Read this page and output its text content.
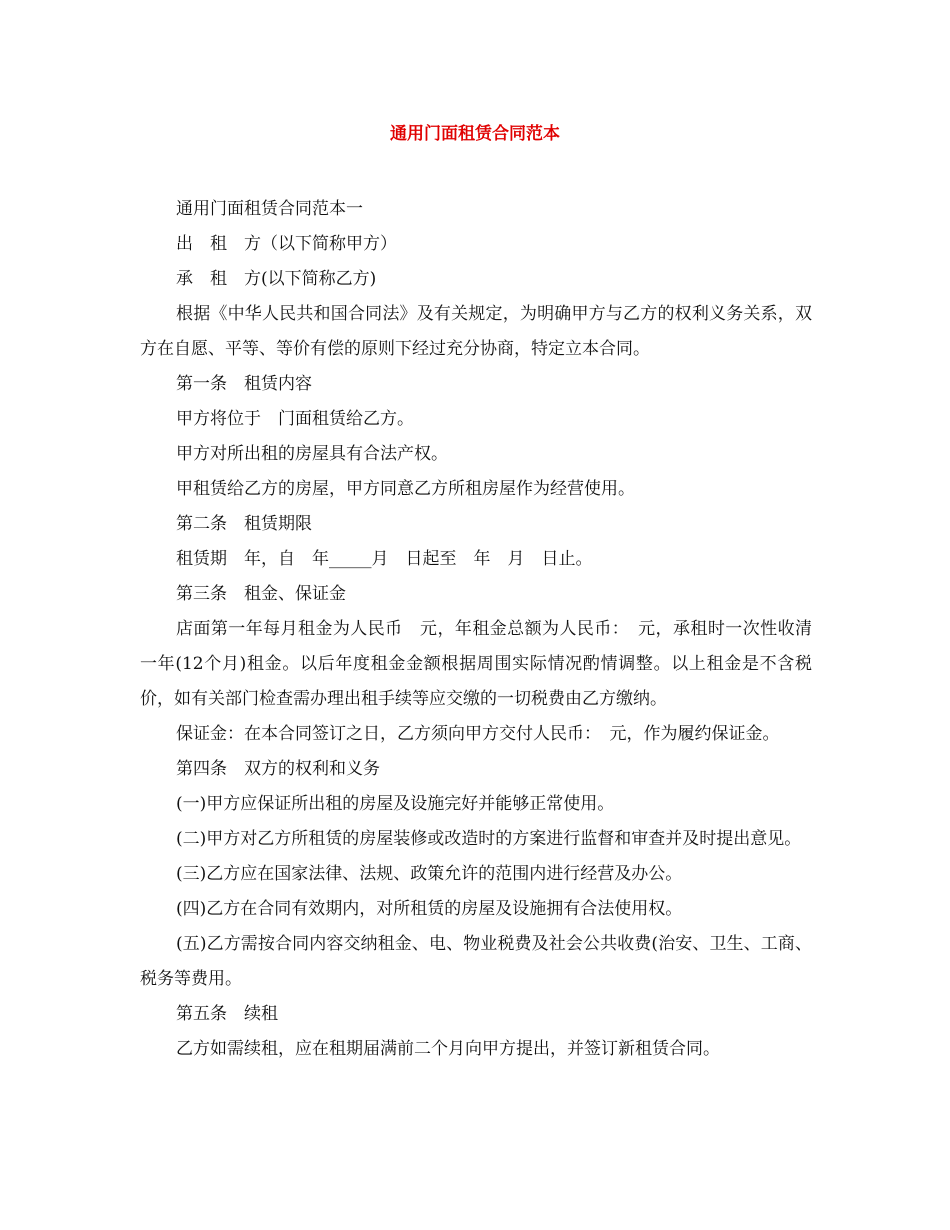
通用门面租赁合同范本

通用门面租赁合同范本一

出　租　方（以下简称甲方）

承　租　方(以下简称乙方)

根据《中华人民共和国合同法》及有关规定，为明确甲方与乙方的权利义务关系，双方在自愿、平等、等价有偿的原则下经过充分协商，特定立本合同。

第一条　租赁内容

甲方将位于　门面租赁给乙方。

甲方对所出租的房屋具有合法产权。

甲租赁给乙方的房屋，甲方同意乙方所租房屋作为经营使用。

第二条　租赁期限

租赁期　年，自　年_____月　日起至　年　月　日止。

第三条　租金、保证金

店面第一年每月租金为人民币　元，年租金总额为人民币：　元，承租时一次性收清一年(12个月)租金。以后年度租金金额根据周围实际情况酌情调整。以上租金是不含税价，如有关部门检查需办理出租手续等应交缴的一切税费由乙方缴纳。

保证金：在本合同签订之日，乙方须向甲方交付人民币：　元，作为履约保证金。

第四条　双方的权利和义务

(一)甲方应保证所出租的房屋及设施完好并能够正常使用。

(二)甲方对乙方所租赁的房屋装修或改造时的方案进行监督和审查并及时提出意见。

(三)乙方应在国家法律、法规、政策允许的范围内进行经营及办公。

(四)乙方在合同有效期内，对所租赁的房屋及设施拥有合法使用权。

(五)乙方需按合同内容交纳租金、电、物业税费及社会公共收费(治安、卫生、工商、税务等费用。

第五条　续租

乙方如需续租，应在租期届满前二个月向甲方提出，并签订新租赁合同。
